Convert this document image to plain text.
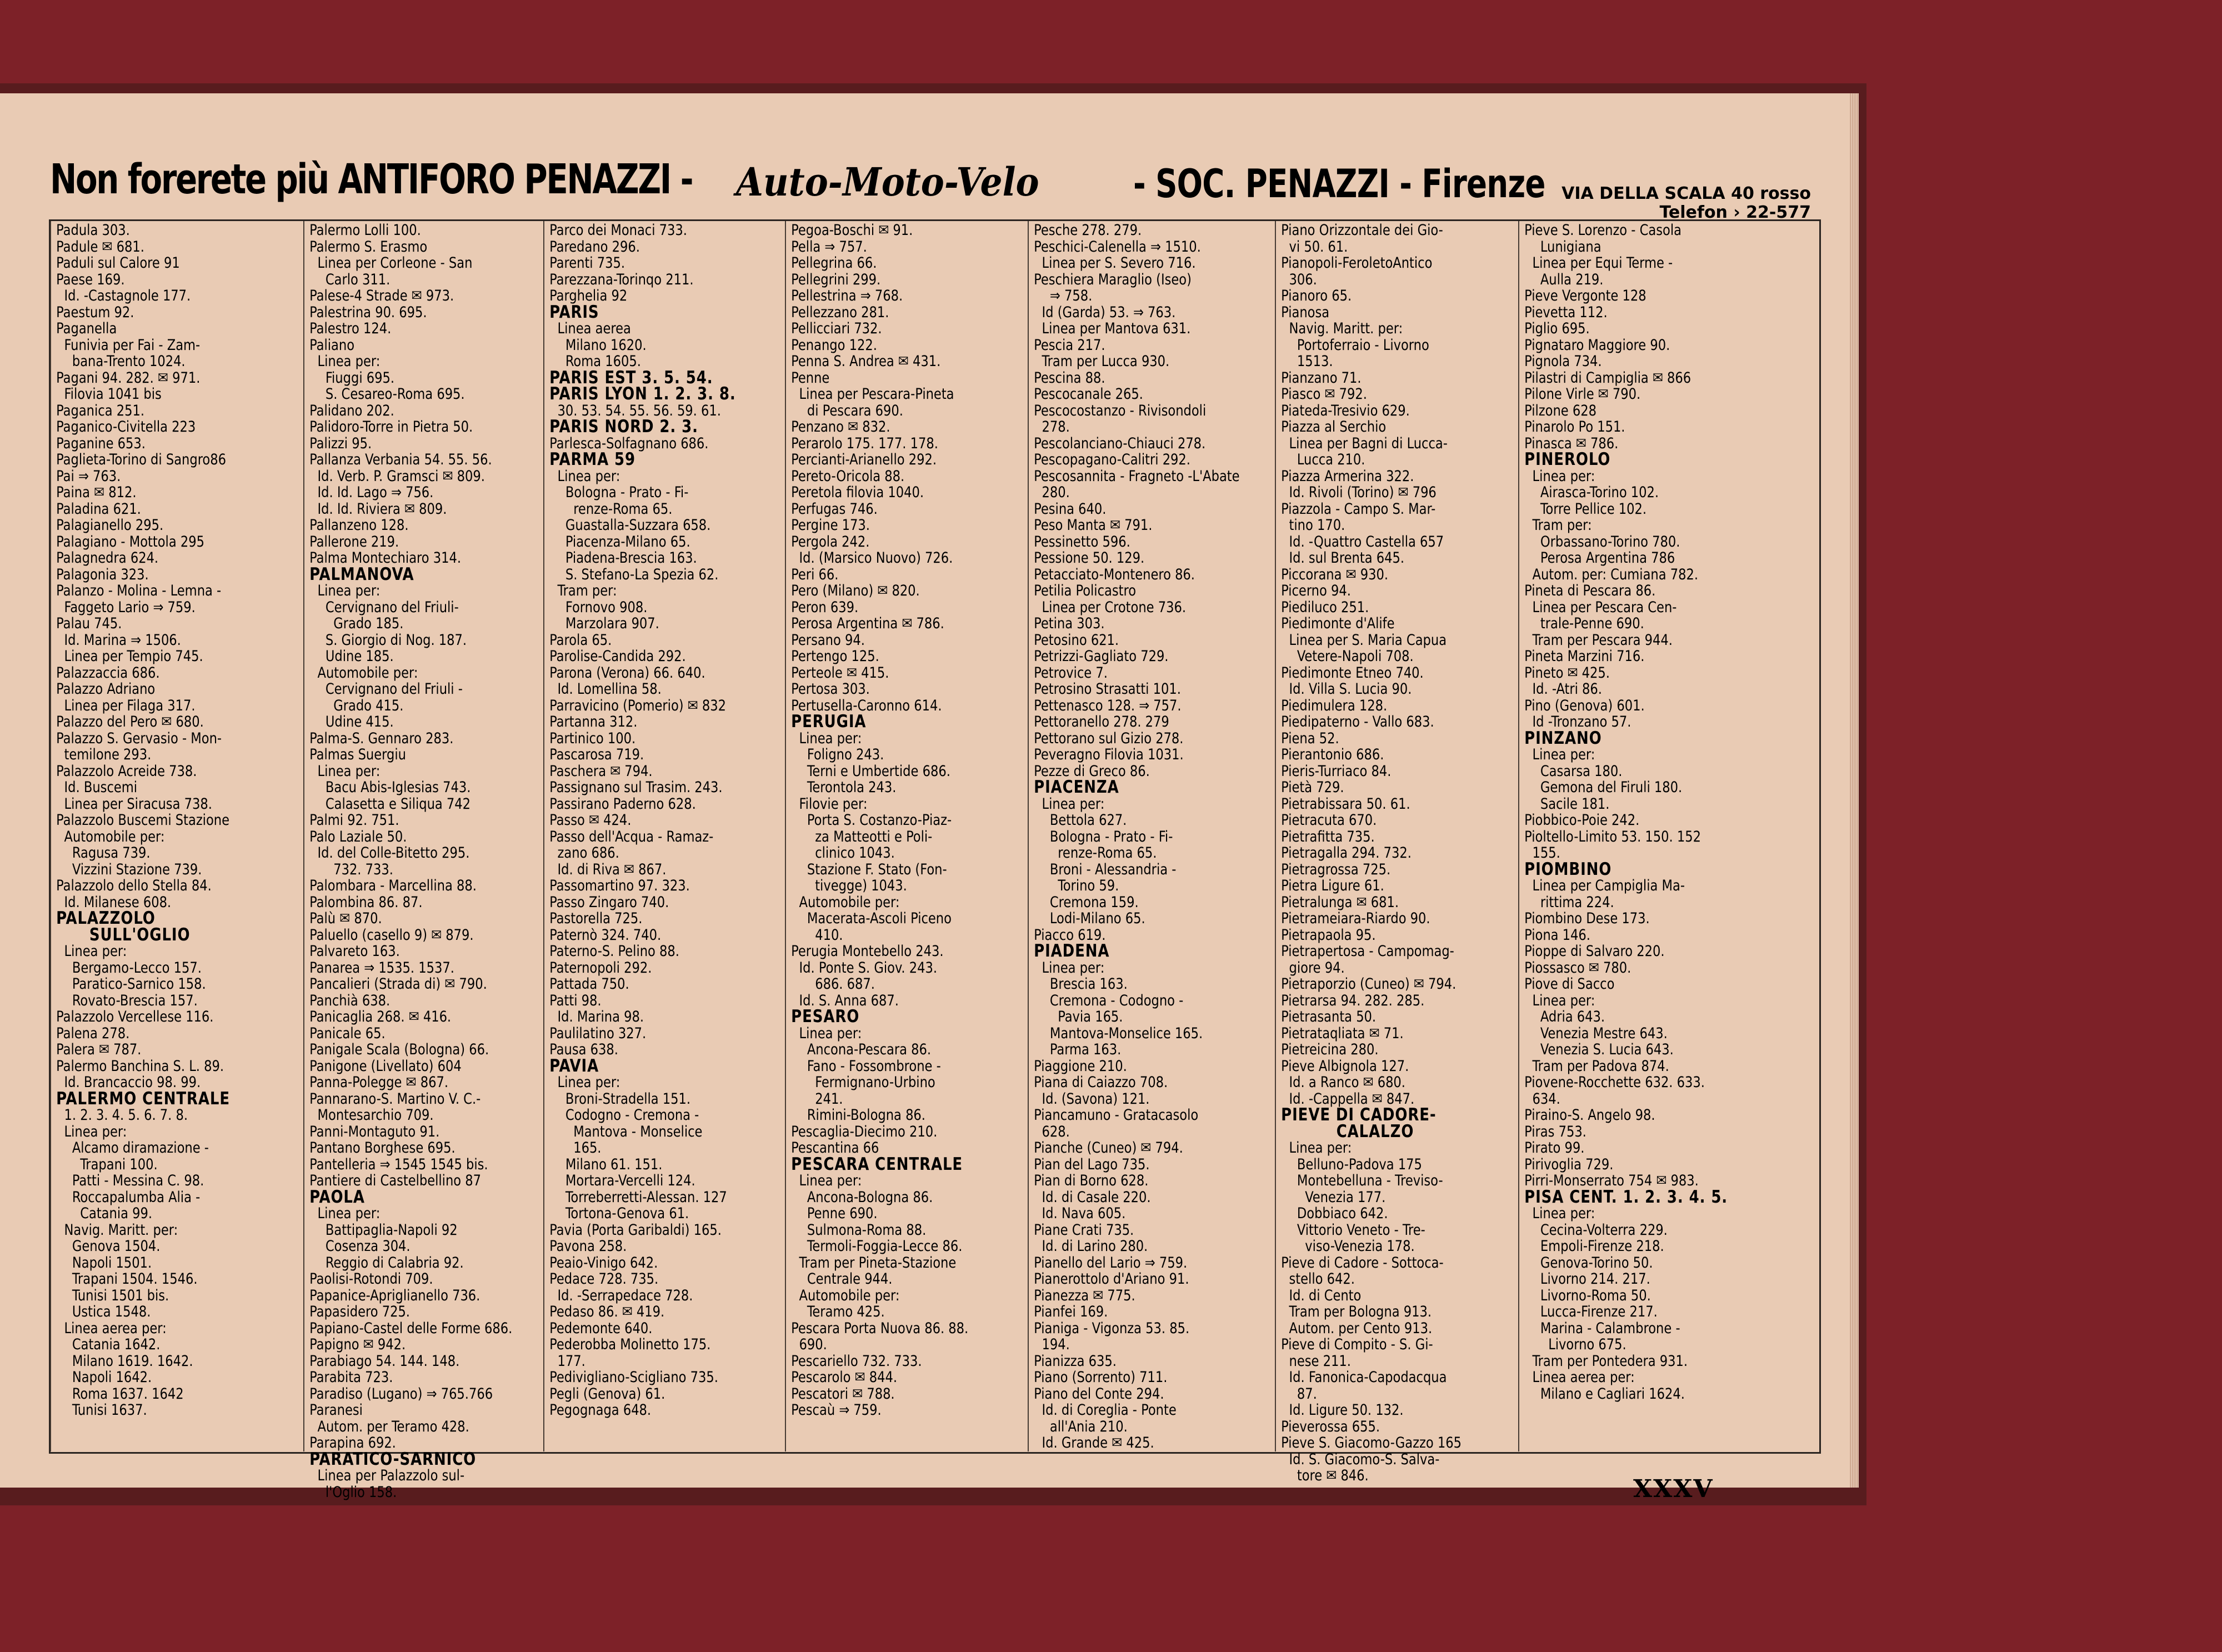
Non forerete più ANTIFORO PENAZZI - Auto-Moto-Velo - SOC. PENAZZI - Firenze VIA DELLA SCALA 40 rosso
Telefon › 22-577
Padula 303.
Padule ✉ 681.
Paduli sul Calore 91
Paese 169.
Id. -Castagnole 177.
Paestum 92.
Paganella
Funivia per Fai - Zam-
bana-Trento 1024.
Pagani 94. 282. ✉ 971.
Filovia 1041 bis
Paganica 251.
Paganico-Civitella 223
Paganine 653.
Paglieta-Torino di Sangro86
Pai ⇒ 763.
Paina ✉ 812.
Paladina 621.
Palagianello 295.
Palagiano - Mottola 295
Palagnedra 624.
Palagonia 323.
Palanzo - Molina - Lemna -
Faggeto Lario ⇒ 759.
Palau 745.
Id. Marina ⇒ 1506.
Linea per Tempio 745.
Palazzaccia 686.
Palazzo Adriano
Linea per Filaga 317.
Palazzo del Pero ✉ 680.
Palazzo S. Gervasio - Mon-
temilone 293.
Palazzolo Acreide 738.
Id. Buscemi
Linea per Siracusa 738.
Palazzolo Buscemi Stazione
Automobile per:
Ragusa 739.
Vizzini Stazione 739.
Palazzolo dello Stella 84.
Id. Milanese 608.
PALAZZOLO
SULL'OGLIO
Linea per:
Bergamo-Lecco 157.
Paratico-Sarnico 158.
Rovato-Brescia 157.
Palazzolo Vercellese 116.
Palena 278.
Palera ✉ 787.
Palermo Banchina S. L. 89.
Id. Brancaccio 98. 99.
PALERMO CENTRALE
1. 2. 3. 4. 5. 6. 7. 8.
Linea per:
Alcamo diramazione -
Trapani 100.
Patti - Messina C. 98.
Roccapalumba Alia -
Catania 99.
Navig. Maritt. per:
Genova 1504.
Napoli 1501.
Trapani 1504. 1546.
Tunisi 1501 bis.
Ustica 1548.
Linea aerea per:
Catania 1642.
Milano 1619. 1642.
Napoli 1642.
Roma 1637. 1642
Tunisi 1637.
Palermo Lolli 100.
Palermo S. Erasmo
Linea per Corleone - San
Carlo 311.
Palese-4 Strade ✉ 973.
Palestrina 90. 695.
Palestro 124.
Paliano
Linea per:
Fiuggi 695.
S. Cesareo-Roma 695.
Palidano 202.
Palidoro-Torre in Pietra 50.
Palizzi 95.
Pallanza Verbania 54. 55. 56.
Id. Verb. P. Gramsci ✉ 809.
Id. Id. Lago ⇒ 756.
Id. Id. Riviera ✉ 809.
Pallanzeno 128.
Pallerone 219.
Palma Montechiaro 314.
PALMANOVA
Linea per:
Cervignano del Friuli-
Grado 185.
S. Giorgio di Nog. 187.
Udine 185.
Automobile per:
Cervignano del Friuli -
Grado 415.
Udine 415.
Palma-S. Gennaro 283.
Palmas Suergiu
Linea per:
Bacu Abis-Iglesias 743.
Calasetta e Siliqua 742
Palmi 92. 751.
Palo Laziale 50.
Id. del Colle-Bitetto 295.
732. 733.
Palombara - Marcellina 88.
Palombina 86. 87.
Palù ✉ 870.
Paluello (casello 9) ✉ 879.
Palvareto 163.
Panarea ⇒ 1535. 1537.
Pancalieri (Strada di) ✉ 790.
Panchià 638.
Panicaglia 268. ✉ 416.
Panicale 65.
Panigale Scala (Bologna) 66.
Panigone (Livellato) 604
Panna-Polegge ✉ 867.
Pannarano-S. Martino V. C.-
Montesarchio 709.
Panni-Montaguto 91.
Pantano Borghese 695.
Pantelleria ⇒ 1545 1545 bis.
Pantiere di Castelbellino 87
PAOLA
Linea per:
Battipaglia-Napoli 92
Cosenza 304.
Reggio di Calabria 92.
Paolisi-Rotondi 709.
Papanice-Apriglianello 736.
Papasidero 725.
Papiano-Castel delle Forme 686.
Papigno ✉ 942.
Parabiago 54. 144. 148.
Parabita 723.
Paradiso (Lugano) ⇒ 765.766
Paranesi
Autom. per Teramo 428.
Parapina 692.
PARATICO-SARNICO
Linea per Palazzolo sul-
l'Oglio 158.
Parco dei Monaci 733.
Paredano 296.
Parenti 735.
Parezzana-Torinqo 211.
Parghelia 92
PARIS
Linea aerea
Milano 1620.
Roma 1605.
PARIS EST 3. 5. 54.
PARIS LYON 1. 2. 3. 8.
30. 53. 54. 55. 56. 59. 61.
PARIS NORD 2. 3.
Parlesca-Solfagnano 686.
PARMA 59
Linea per:
Bologna - Prato - Fi-
renze-Roma 65.
Guastalla-Suzzara 658.
Piacenza-Milano 65.
Piadena-Brescia 163.
S. Stefano-La Spezia 62.
Tram per:
Fornovo 908.
Marzolara 907.
Parola 65.
Parolise-Candida 292.
Parona (Verona) 66. 640.
Id. Lomellina 58.
Parravicino (Pomerio) ✉ 832
Partanna 312.
Partinico 100.
Pascarosa 719.
Paschera ✉ 794.
Passignano sul Trasim. 243.
Passirano Paderno 628.
Passo ✉ 424.
Passo dell'Acqua - Ramaz-
zano 686.
Id. di Riva ✉ 867.
Passomartino 97. 323.
Passo Zingaro 740.
Pastorella 725.
Paternò 324. 740.
Paterno-S. Pelino 88.
Paternopoli 292.
Pattada 750.
Patti 98.
Id. Marina 98.
Paulilatino 327.
Pausa 638.
PAVIA
Linea per:
Broni-Stradella 151.
Codogno - Cremona -
Mantova - Monselice
165.
Milano 61. 151.
Mortara-Vercelli 124.
Torreberretti-Alessan. 127
Tortona-Genova 61.
Pavia (Porta Garibaldi) 165.
Pavona 258.
Peaio-Vinigo 642.
Pedace 728. 735.
Id. -Serrapedace 728.
Pedaso 86. ✉ 419.
Pedemonte 640.
Pederobba Molinetto 175.
177.
Pedivigliano-Scigliano 735.
Pegli (Genova) 61.
Pegognaga 648.
Pegoa-Boschi ✉ 91.
Pella ⇒ 757.
Pellegrina 66.
Pellegrini 299.
Pellestrina ⇒ 768.
Pellezzano 281.
Pellicciari 732.
Penango 122.
Penna S. Andrea ✉ 431.
Penne
Linea per Pescara-Pineta
di Pescara 690.
Penzano ✉ 832.
Perarolo 175. 177. 178.
Percianti-Arianello 292.
Pereto-Oricola 88.
Peretola filovia 1040.
Perfugas 746.
Pergine 173.
Pergola 242.
Id. (Marsico Nuovo) 726.
Peri 66.
Pero (Milano) ✉ 820.
Peron 639.
Perosa Argentina ✉ 786.
Persano 94.
Pertengo 125.
Perteole ✉ 415.
Pertosa 303.
Pertusella-Caronno 614.
PERUGIA
Linea per:
Foligno 243.
Terni e Umbertide 686.
Terontola 243.
Filovie per:
Porta S. Costanzo-Piaz-
za Matteotti e Poli-
clinico 1043.
Stazione F. Stato (Fon-
tivegge) 1043.
Automobile per:
Macerata-Ascoli Piceno
410.
Perugia Montebello 243.
Id. Ponte S. Giov. 243.
686. 687.
Id. S. Anna 687.
PESARO
Linea per:
Ancona-Pescara 86.
Fano - Fossombrone -
Fermignano-Urbino
241.
Rimini-Bologna 86.
Pescaglia-Diecimo 210.
Pescantina 66
PESCARA CENTRALE
Linea per:
Ancona-Bologna 86.
Penne 690.
Sulmona-Roma 88.
Termoli-Foggia-Lecce 86.
Tram per Pineta-Stazione
Centrale 944.
Automobile per:
Teramo 425.
Pescara Porta Nuova 86. 88.
690.
Pescariello 732. 733.
Pescarolo ✉ 844.
Pescatori ✉ 788.
Pescaù ⇒ 759.
Pesche 278. 279.
Peschici-Calenella ⇒ 1510.
Linea per S. Severo 716.
Peschiera Maraglio (Iseo)
⇒ 758.
Id (Garda) 53. ⇒ 763.
Linea per Mantova 631.
Pescia 217.
Tram per Lucca 930.
Pescina 88.
Pescocanale 265.
Pescocostanzo - Rivisondoli
278.
Pescolanciano-Chiauci 278.
Pescopagano-Calitri 292.
Pescosannita - Fragneto -L'Abate
280.
Pesina 640.
Peso Manta ✉ 791.
Pessinetto 596.
Pessione 50. 129.
Petacciato-Montenero 86.
Petilia Policastro
Linea per Crotone 736.
Petina 303.
Petosino 621.
Petrizzi-Gagliato 729.
Petrovice 7.
Petrosino Strasatti 101.
Pettenasco 128. ⇒ 757.
Pettoranello 278. 279
Pettorano sul Gizio 278.
Peveragno Filovia 1031.
Pezze di Greco 86.
PIACENZA
Linea per:
Bettola 627.
Bologna - Prato - Fi-
renze-Roma 65.
Broni - Alessandria -
Torino 59.
Cremona 159.
Lodi-Milano 65.
Piacco 619.
PIADENA
Linea per:
Brescia 163.
Cremona - Codogno -
Pavia 165.
Mantova-Monselice 165.
Parma 163.
Piaggione 210.
Piana di Caiazzo 708.
Id. (Savona) 121.
Piancamuno - Gratacasolo
628.
Pianche (Cuneo) ✉ 794.
Pian del Lago 735.
Pian di Borno 628.
Id. di Casale 220.
Id. Nava 605.
Piane Crati 735.
Id. di Larino 280.
Pianello del Lario ⇒ 759.
Pianerottolo d'Ariano 91.
Pianezza ✉ 775.
Pianfei 169.
Pianiga - Vigonza 53. 85.
194.
Pianizza 635.
Piano (Sorrento) 711.
Piano del Conte 294.
Id. di Coreglia - Ponte
all'Ania 210.
Id. Grande ✉ 425.
Piano Orizzontale dei Gio-
vi 50. 61.
Pianopoli-FeroletoAntico
306.
Pianoro 65.
Pianosa
Navig. Maritt. per:
Portoferraio - Livorno
1513.
Pianzano 71.
Piasco ✉ 792.
Piateda-Tresivio 629.
Piazza al Serchio
Linea per Bagni di Lucca-
Lucca 210.
Piazza Armerina 322.
Id. Rivoli (Torino) ✉ 796
Piazzola - Campo S. Mar-
tino 170.
Id. -Quattro Castella 657
Id. sul Brenta 645.
Piccorana ✉ 930.
Picerno 94.
Piediluco 251.
Piedimonte d'Alife
Linea per S. Maria Capua
Vetere-Napoli 708.
Piedimonte Etneo 740.
Id. Villa S. Lucia 90.
Piedimulera 128.
Piedipaterno - Vallo 683.
Piena 52.
Pierantonio 686.
Pieris-Turriaco 84.
Pietà 729.
Pietrabissara 50. 61.
Pietracuta 670.
Pietrafitta 735.
Pietragalla 294. 732.
Pietragrossa 725.
Pietra Ligure 61.
Pietralunga ✉ 681.
Pietrameiara-Riardo 90.
Pietrapaola 95.
Pietrapertosa - Campomag-
giore 94.
Pietraporzio (Cuneo) ✉ 794.
Pietrarsa 94. 282. 285.
Pietrasanta 50.
Pietrataqliata ✉ 71.
Pietreicina 280.
Pieve Albignola 127.
Id. a Ranco ✉ 680.
Id. -Cappella ✉ 847.
PIEVE DI CADORE-
CALALZO
Linea per:
Belluno-Padova 175
Montebelluna - Treviso-
Venezia 177.
Dobbiaco 642.
Vittorio Veneto - Tre-
viso-Venezia 178.
Pieve di Cadore - Sottoca-
stello 642.
Id. di Cento
Tram per Bologna 913.
Autom. per Cento 913.
Pieve di Compito - S. Gi-
nese 211.
Id. Fanonica-Capodacqua
87.
Id. Ligure 50. 132.
Pieverossa 655.
Pieve S. Giacomo-Gazzo 165
Id. S. Giacomo-S. Salva-
tore ✉ 846.
Pieve S. Lorenzo - Casola
Lunigiana
Linea per Equi Terme -
Aulla 219.
Pieve Vergonte 128
Pievetta 112.
Piglio 695.
Pignataro Maggiore 90.
Pignola 734.
Pilastri di Campiglia ✉ 866
Pilone Virle ✉ 790.
Pilzone 628
Pinarolo Po 151.
Pinasca ✉ 786.
PINEROLO
Linea per:
Airasca-Torino 102.
Torre Pellice 102.
Tram per:
Orbassano-Torino 780.
Perosa Argentina 786
Autom. per: Cumiana 782.
Pineta di Pescara 86.
Linea per Pescara Cen-
trale-Penne 690.
Tram per Pescara 944.
Pineta Marzini 716.
Pineto ✉ 425.
Id. -Atri 86.
Pino (Genova) 601.
Id -Tronzano 57.
PINZANO
Linea per:
Casarsa 180.
Gemona del Firuli 180.
Sacile 181.
Piobbico-Poie 242.
Pioltello-Limito 53. 150. 152
155.
PIOMBINO
Linea per Campiglia Ma-
rittima 224.
Piombino Dese 173.
Piona 146.
Pioppe di Salvaro 220.
Piossasco ✉ 780.
Piove di Sacco
Linea per:
Adria 643.
Venezia Mestre 643.
Venezia S. Lucia 643.
Tram per Padova 874.
Piovene-Rocchette 632. 633.
634.
Piraino-S. Angelo 98.
Piras 753.
Pirato 99.
Pirivoglia 729.
Pirri-Monserrato 754 ✉ 983.
PISA CENT. 1. 2. 3. 4. 5.
Linea per:
Cecina-Volterra 229.
Empoli-Firenze 218.
Genova-Torino 50.
Livorno 214. 217.
Livorno-Roma 50.
Lucca-Firenze 217.
Marina - Calambrone -
Livorno 675.
Tram per Pontedera 931.
Linea aerea per:
Milano e Cagliari 1624.
XXXV
